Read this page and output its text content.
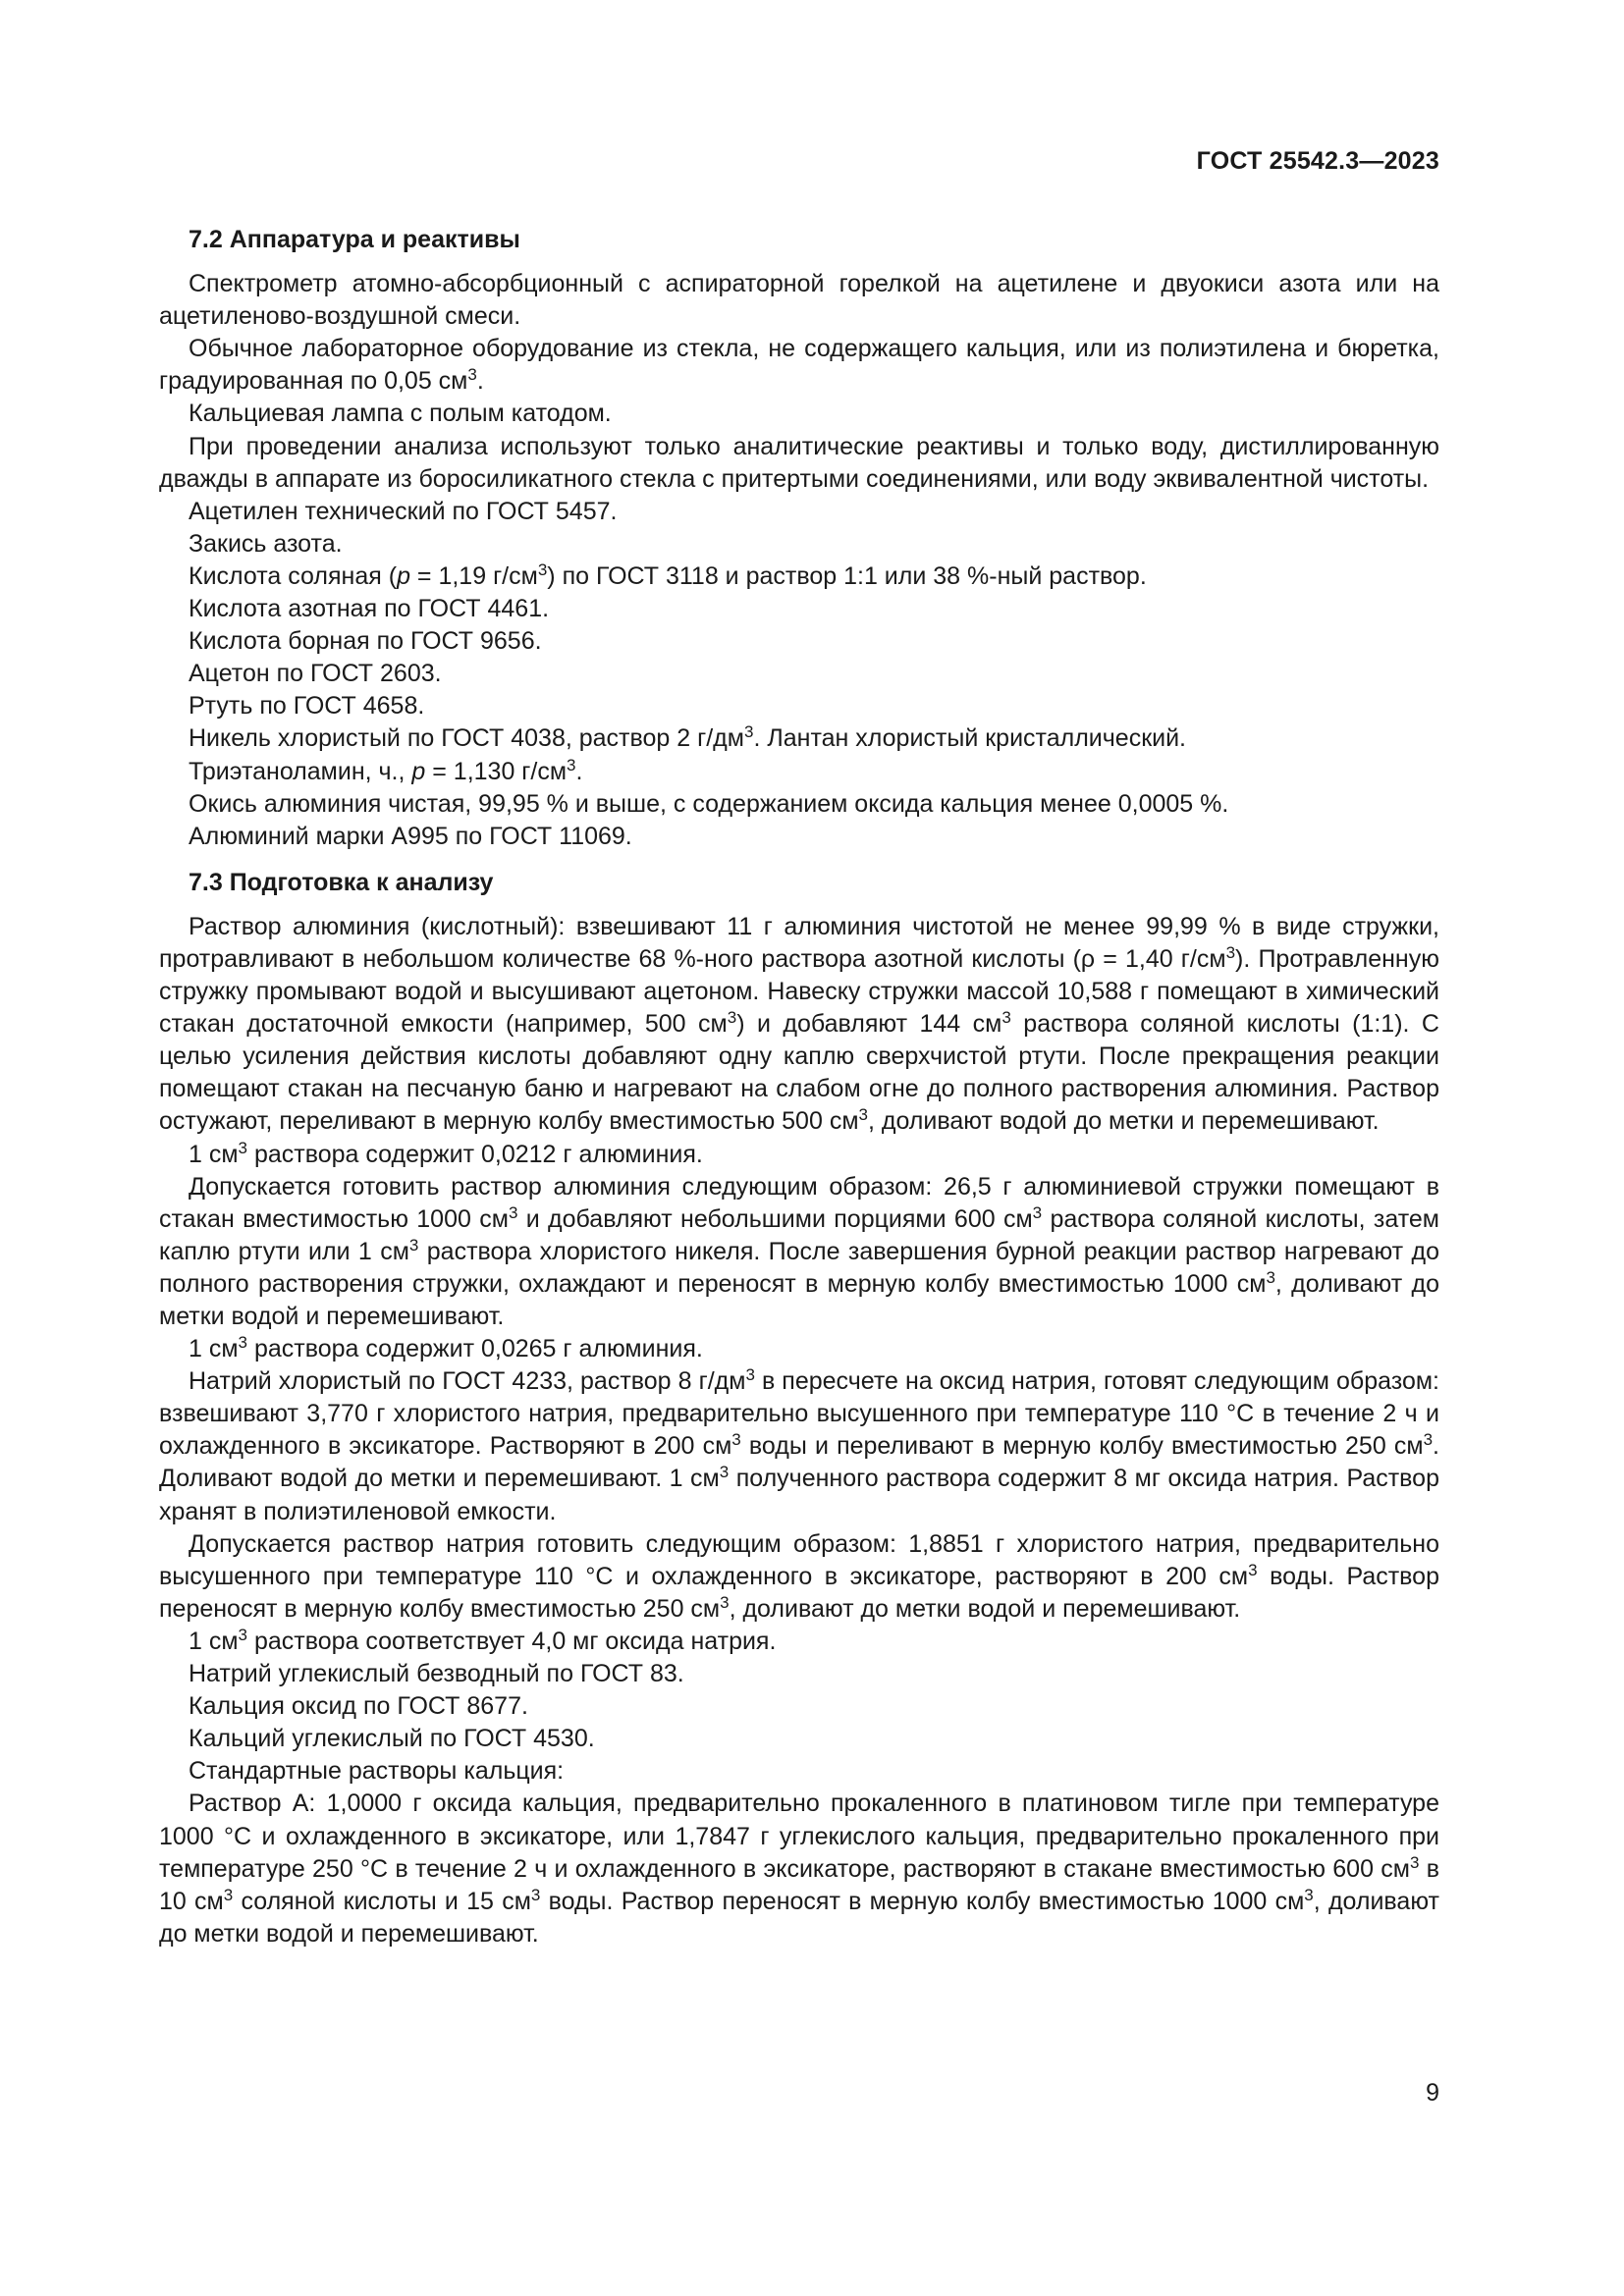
ГОСТ 25542.3—2023
7.2 Аппаратура и реактивы

Спектрометр атомно-абсорбционный с аспираторной горелкой на ацетилене и двуокиси азота или на ацетиленово-воздушной смеси.

Обычное лабораторное оборудование из стекла, не содержащего кальция, или из полиэтилена и бюретка, градуированная по 0,05 $см^3$.

Кальциевая лампа с полым катодом.

При проведении анализа используют только аналитические реактивы и только воду, дистиллированную дважды в аппарате из боросиликатного стекла с притертыми соединениями, или воду эквивалентной чистоты.

Ацетилен технический по ГОСТ 5457.

Закись азота.

Кислота соляная (р = 1,19 $г/см^3$) по ГОСТ 3118 и раствор 1:1 или 38 %-ный раствор.

Кислота азотная по ГОСТ 4461.

Кислота борная по ГОСТ 9656.

Ацетон по ГОСТ 2603.

Ртуть по ГОСТ 4658.

Никель хлористый по ГОСТ 4038, раствор 2 $г/дм^3$. Лантан хлористый кристаллический.

Триэтаноламин, ч., р = 1,130 $г/см^3$.

Окись алюминия чистая, 99,95 % и выше, с содержанием оксида кальция менее 0,0005 %.

Алюминий марки А995 по ГОСТ 11069.

7.3 Подготовка к анализу

Раствор алюминия (кислотный): взвешивают 11 г алюминия чистотой не менее 99,99 % в виде стружки, протравливают в небольшом количестве 68 %-ного раствора азотной кислоты (ρ = 1,40 $г/см^3$). Протравленную стружку промывают водой и высушивают ацетоном. Навеску стружки массой 10,588 г помещают в химический стакан достаточной емкости (например, 500 $см^3$) и добавляют 144 $см^3$ раствора соляной кислоты (1:1). С целью усиления действия кислоты добавляют одну каплю сверхчистой ртути. После прекращения реакции помещают стакан на песчаную баню и нагревают на слабом огне до полного растворения алюминия. Раствор остужают, переливают в мерную колбу вместимостью 500 $см^3$, доливают водой до метки и перемешивают.

1 $см^3$ раствора содержит 0,0212 г алюминия.

Допускается готовить раствор алюминия следующим образом: 26,5 г алюминиевой стружки помещают в стакан вместимостью 1000 $см^3$ и добавляют небольшими порциями 600 $см^3$ раствора соляной кислоты, затем каплю ртути или 1 $см^3$ раствора хлористого никеля. После завершения бурной реакции раствор нагревают до полного растворения стружки, охлаждают и переносят в мерную колбу вместимостью 1000 $см^3$, доливают до метки водой и перемешивают.

1 $см^3$ раствора содержит 0,0265 г алюминия.

Натрий хлористый по ГОСТ 4233, раствор 8 $г/дм^3$ в пересчете на оксид натрия, готовят следующим образом: взвешивают 3,770 г хлористого натрия, предварительно высушенного при температуре 110 °С в течение 2 ч и охлажденного в эксикаторе. Растворяют в 200 $см^3$ воды и переливают в мерную колбу вместимостью 250 $см^3$. Доливают водой до метки и перемешивают. 1 $см^3$ полученного раствора содержит 8 мг оксида натрия. Раствор хранят в полиэтиленовой емкости.

Допускается раствор натрия готовить следующим образом: 1,8851 г хлористого натрия, предварительно высушенного при температуре 110 °С и охлажденного в эксикаторе, растворяют в 200 $см^3$ воды. Раствор переносят в мерную колбу вместимостью 250 $см^3$, доливают до метки водой и перемешивают.

1 $см^3$ раствора соответствует 4,0 мг оксида натрия.

Натрий углекислый безводный по ГОСТ 83.

Кальция оксид по ГОСТ 8677.

Кальций углекислый по ГОСТ 4530.

Стандартные растворы кальция:

Раствор А: 1,0000 г оксида кальция, предварительно прокаленного в платиновом тигле при температуре 1000 °С и охлажденного в эксикаторе, или 1,7847 г углекислого кальция, предварительно прокаленного при температуре 250 °С в течение 2 ч и охлажденного в эксикаторе, растворяют в стакане вместимостью 600 $см^3$ в 10 $см^3$ соляной кислоты и 15 $см^3$ воды. Раствор переносят в мерную колбу вместимостью 1000 $см^3$, доливают до метки водой и перемешивают.

9
